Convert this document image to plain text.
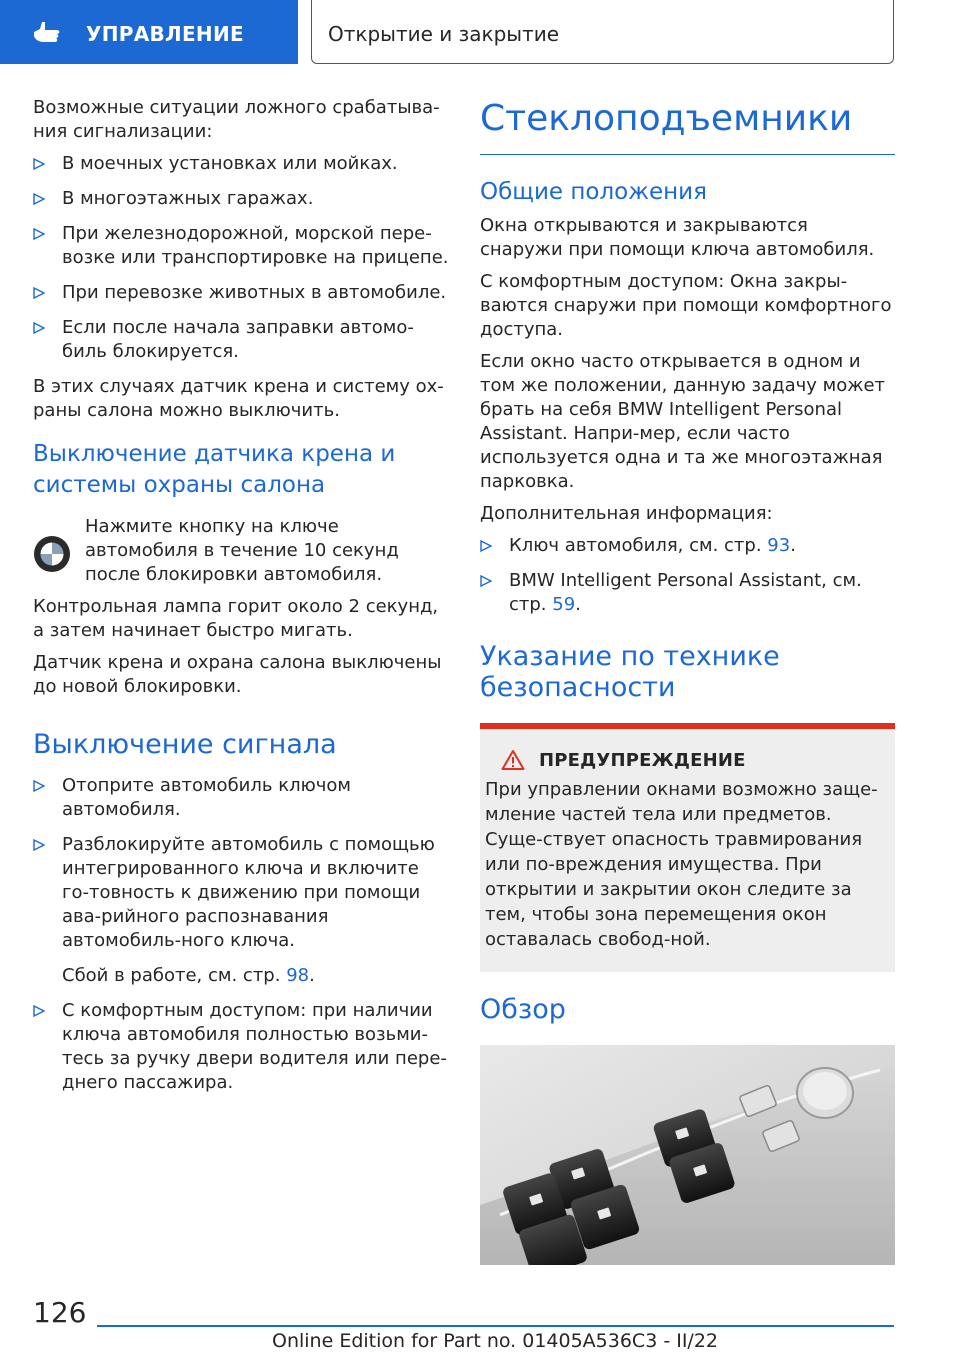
УПРАВЛЕНИЕ	Открытие и закрытие

Возможные ситуации ложного срабатыва-ния сигнализации:

В моечных установках или мойках.
В многоэтажных гаражах.
При железнодорожной, морской пере-возке или транспортировке на прицепе.
При перевозке животных в автомобиле.
Если после начала заправки автомо-биль блокируется.

В этих случаях датчик крена и систему ох-раны салона можно выключить.

Выключение датчика крена и системы охраны салона

Нажмите кнопку на ключе автомобиля в течение 10 секунд после блокировки автомобиля.

Контрольная лампа горит около 2 секунд, а затем начинает быстро мигать.

Датчик крена и охрана салона выключены до новой блокировки.

Выключение сигнала
Отоприте автомобиль ключом автомобиля.
Разблокируйте автомобиль с помощью интегрированного ключа и включите го-товность к движению при помощи ава-рийного распознавания автомобиль-ного ключа.
Сбой в работе, см. стр. 98.
С комфортным доступом: при наличии ключа автомобиля полностью возьми-тесь за ручку двери водителя или пере-днего пассажира.
Стеклоподъемники
Общие положения

Окна открываются и закрываются снаружи при помощи ключа автомобиля.

С комфортным доступом: Окна закры-ваются снаружи при помощи комфортного доступа.

Если окно часто открывается в одном и том же положении, данную задачу может брать на себя BMW Intelligent Personal Assistant. Напри-мер, если часто используется одна и та же многоэтажная парковка.

Дополнительная информация:

Ключ автомобиля, см. стр. 93.
BMW Intelligent Personal Assistant, см. стр. 59.
Указание по технике безопасности
ПРЕДУПРЕЖДЕНИЕ

При управлении окнами возможно заще-мление частей тела или предметов. Суще-ствует опасность травмирования или по-вреждения имущества. При открытии и закрытии окон следите за тем, чтобы зона перемещения окон оставалась свобод-ной.

Обзор
126
Online Edition for Part no. 01405A536C3 - II/22
